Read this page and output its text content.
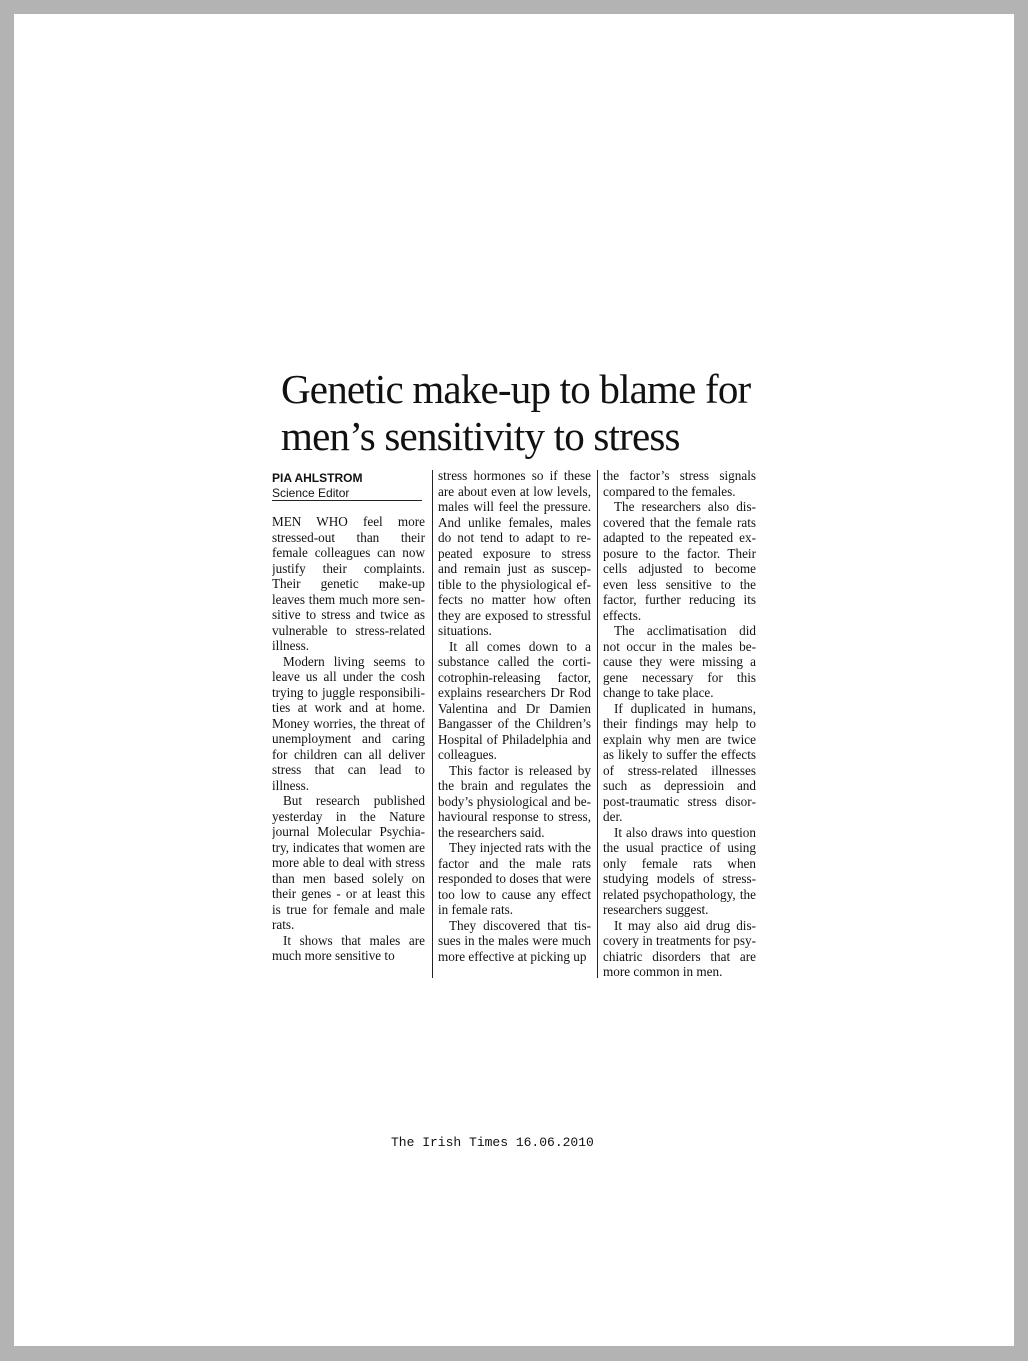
Genetic make-up to blame for
men’s sensitivity to stress
PIA AHLSTROM
Science Editor

MEN WHO feel more stressed-out than their female colleagues can now justify their complaints. Their genetic make-up leaves them much more sensitive to stress and twice as vulnerable to stress-related illness.

Modern living seems to leave us all under the cosh trying to juggle responsibilities at work and at home. Money worries, the threat of unemployment and caring for children can all deliver stress that can lead to illness.

But research published yesterday in the Nature journal Molecular Psychiatry, indicates that women are more able to deal with stress than men based solely on their genes - or at least this is true for female and male rats.

It shows that males are much more sensitive to

stress hormones so if these are about even at low levels, males will feel the pressure. And unlike females, males do not tend to adapt to repeated exposure to stress and remain just as susceptible to the physiological effects no matter how often they are exposed to stressful situations.

It all comes down to a substance called the corticotrophin-releasing factor, explains researchers Dr Rod Valentina and Dr Damien Bangasser of the Children’s Hospital of Philadelphia and colleagues.

This factor is released by the brain and regulates the body’s physiological and behavioural response to stress, the researchers said.

They injected rats with the factor and the male rats responded to doses that were too low to cause any effect in female rats.

They discovered that tissues in the males were much more effective at picking up

the factor’s stress signals compared to the females.

The researchers also discovered that the female rats adapted to the repeated exposure to the factor. Their cells adjusted to become even less sensitive to the factor, further reducing its effects.

The acclimatisation did not occur in the males because they were missing a gene necessary for this change to take place.

If duplicated in humans, their findings may help to explain why men are twice as likely to suffer the effects of stress-related illnesses such as depressioin and post-traumatic stress disorder.

It also draws into question the usual practice of using only female rats when studying models of stress-related psychopathology, the researchers suggest.

It may also aid drug discovery in treatments for psychiatric disorders that are more common in men.

The Irish Times 16.06.2010
